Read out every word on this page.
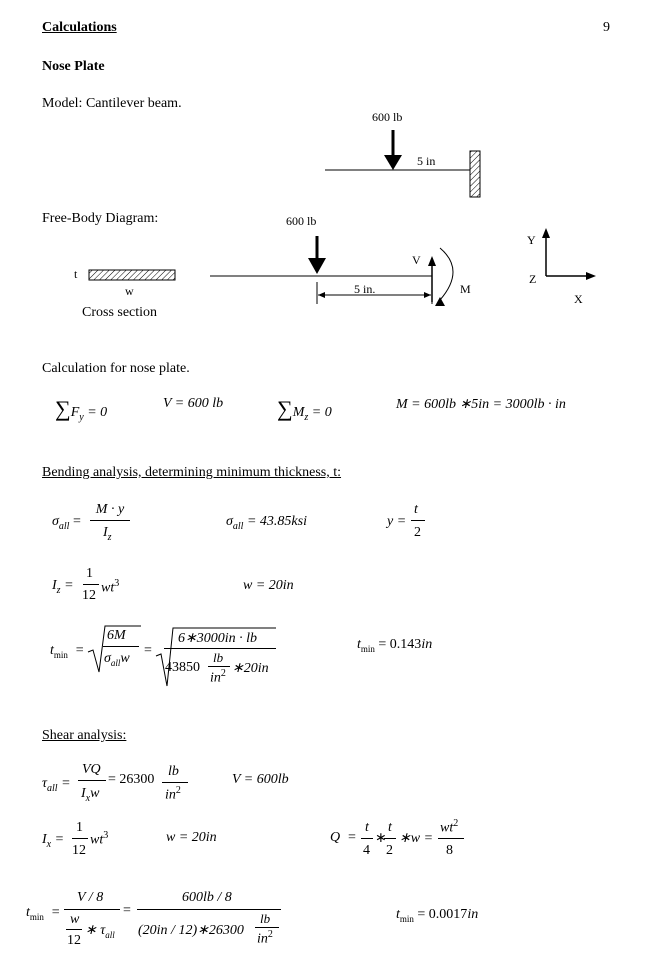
Calculations	9
Nose Plate
Model: Cantilever beam.
600 lb
5 in
Free-Body Diagram:	600 lb
V
M
5 in.
t
w
Cross section
Y
Z
X
Calculation for nose plate.
$\sum F_y = 0$
V = 600 lb $\sum M_z = 0$
M = 600lb ∗5in = 3000lb · in
Bending analysis, determining minimum thickness, t:
$\sigma_{all}$ =
M · y
$I_z$
$\sigma_{all} = 43.85ksi$	y =
t
2
$I_z$ =
1
12 $wt^3$	w = 20in
$t_{min}$  =
6M
$\sigma_{all}w$
=
6∗3000in · lb
43850
lb
$in^2$ ∗20in
$t_{min} = 0.143in$
Shear analysis:
$\tau_{all}$ =
VQ
$I_xw$
= 26300
lb
$in^2$
V = 600lb
$I_x$ =
1
12
$wt^3$	w = 20in	Q  =
t
4
∗
t
2
∗w =
$wt^2$
8
$t_{min}$  =
V / 8
w
12
∗ $\tau_{all}$
=
600lb / 8
(20in / 12)∗26300
lb
$in^2$
$t_{min} = 0.0017in$
